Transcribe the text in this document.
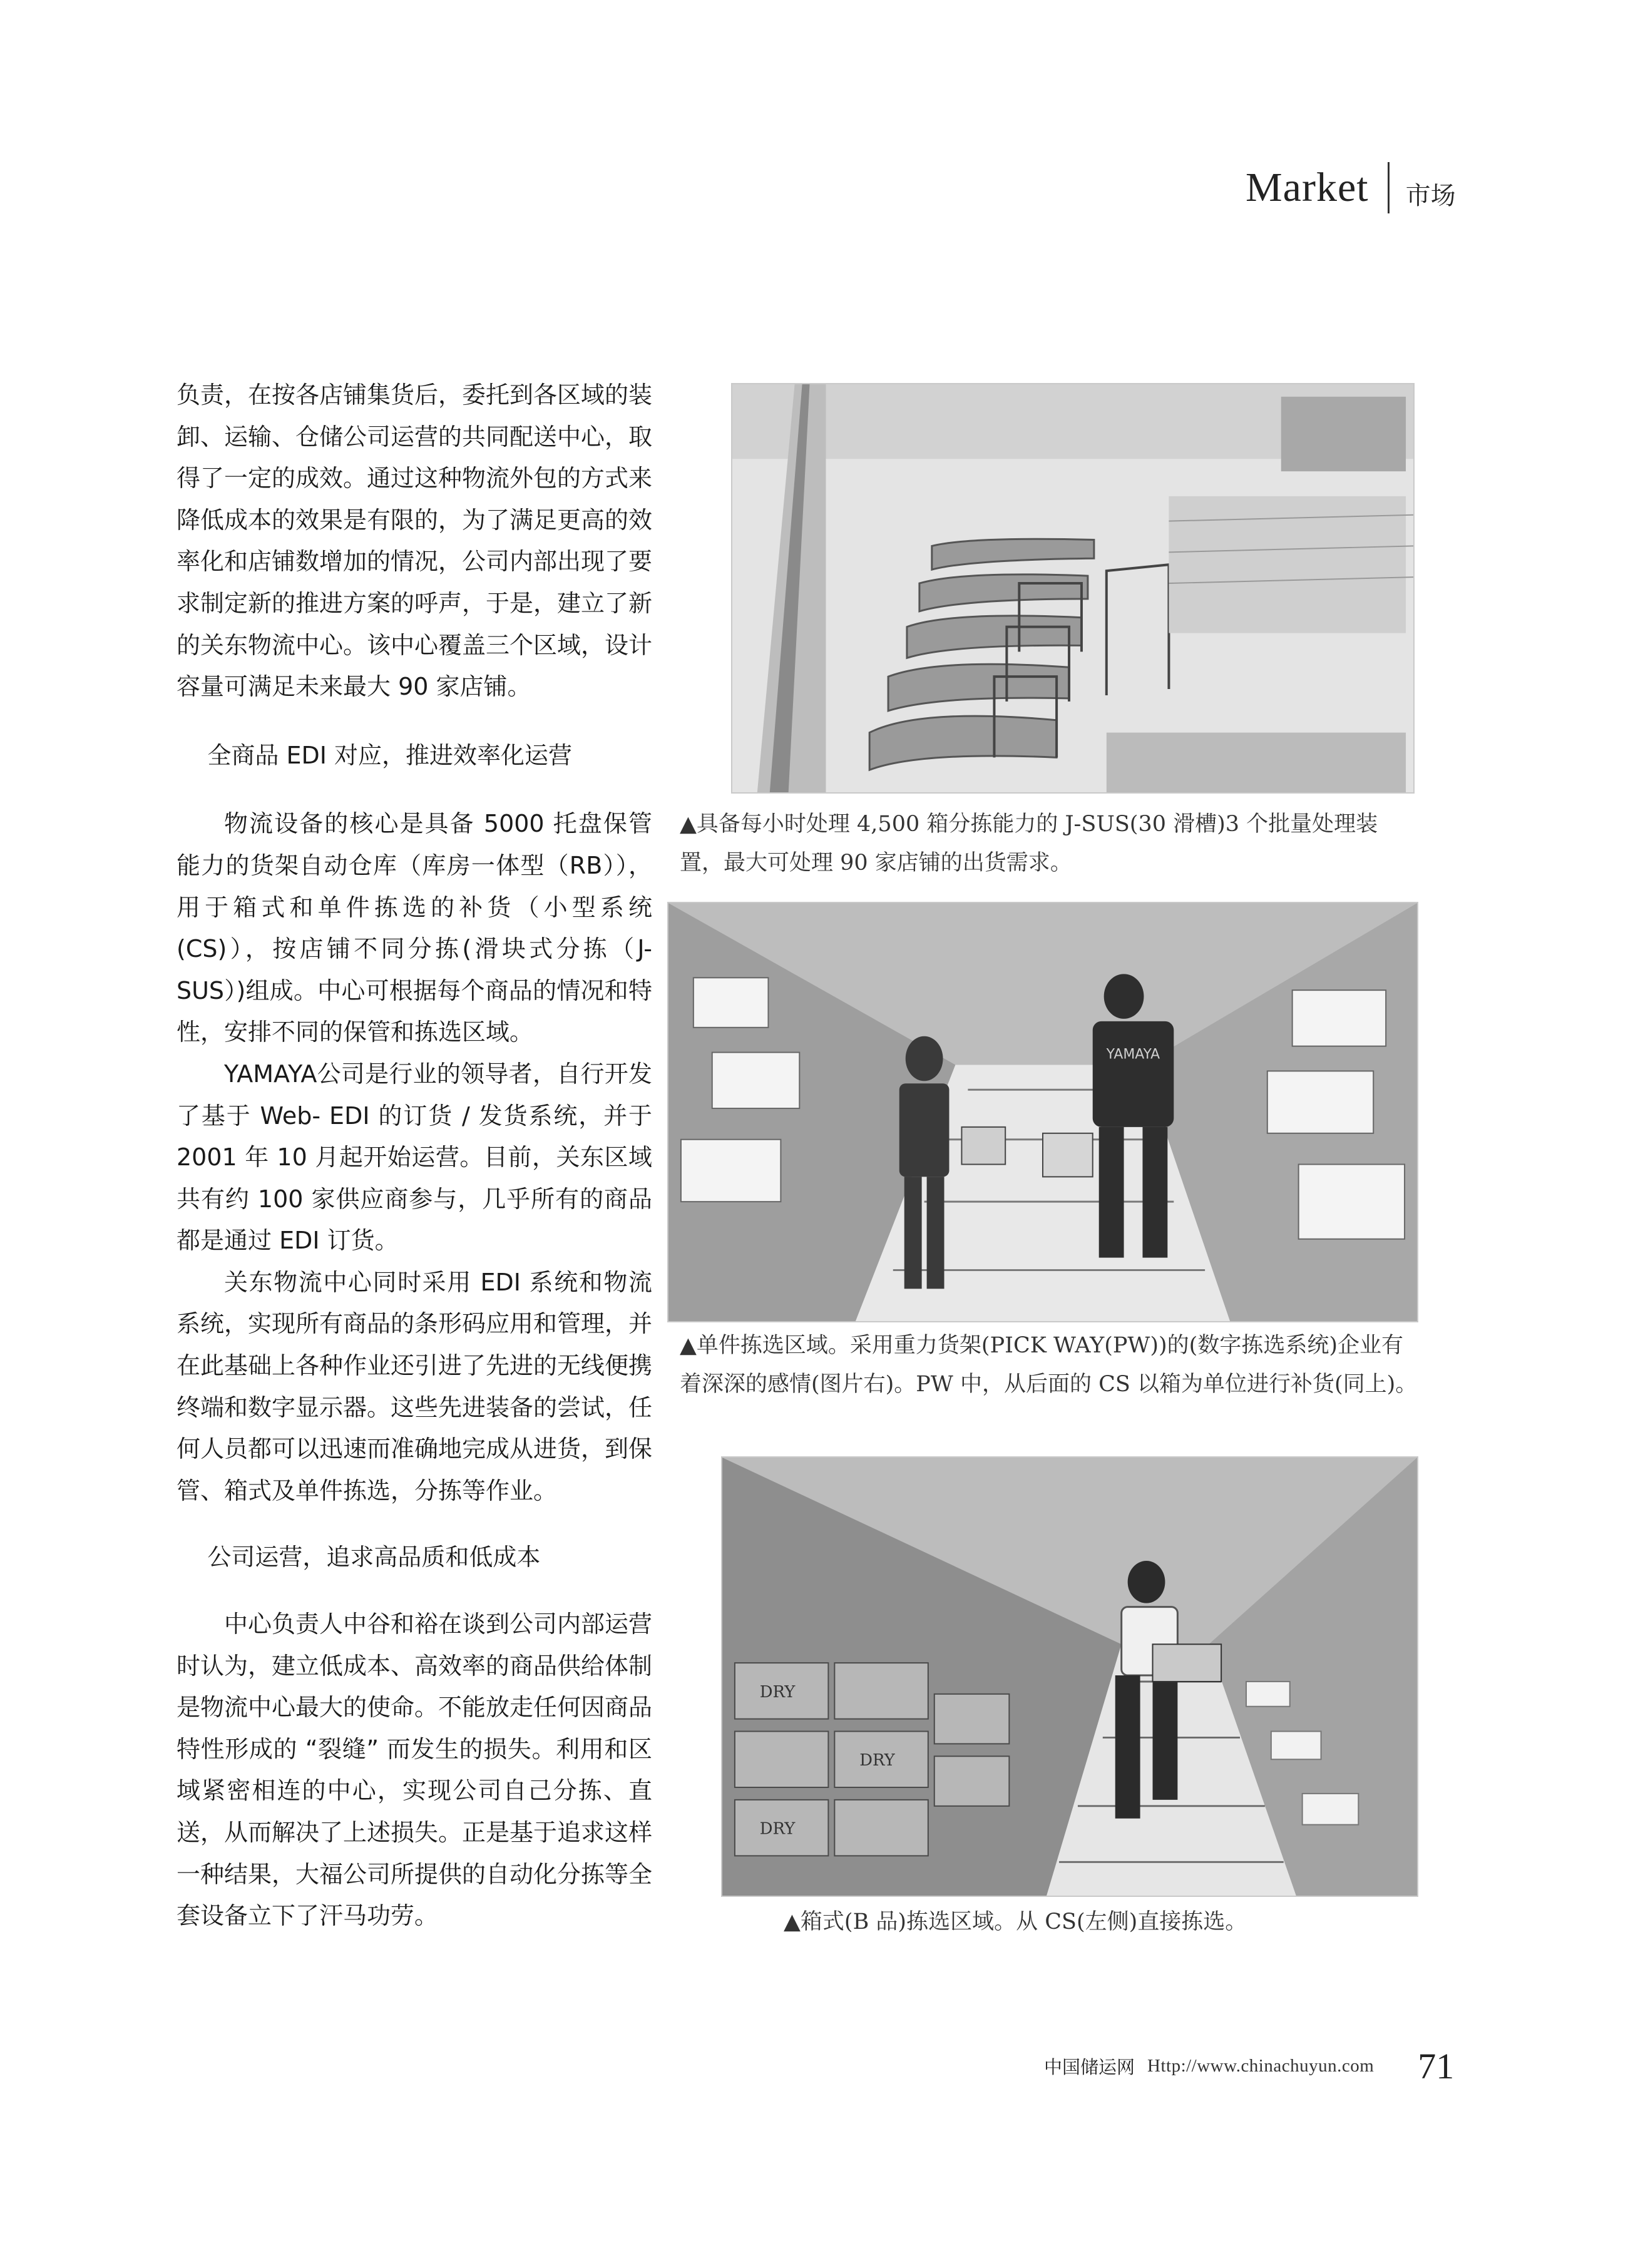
Market 市场

负责，在按各店铺集货后，委托到各区域的装卸、运输、仓储公司运营的共同配送中心，取得了一定的成效。通过这种物流外包的方式来降低成本的效果是有限的，为了满足更高的效率化和店铺数增加的情况，公司内部出现了要求制定新的推进方案的呼声，于是，建立了新的关东物流中心。该中心覆盖三个区域，设计容量可满足未来最大 90 家店铺。

全商品 EDI 对应，推进效率化运营

物流设备的核心是具备 5000 托盘保管能力的货架自动仓库（库房一体型（RB）），用于箱式和单件拣选的补货（小型系统(CS)），按店铺不同分拣(滑块式分拣（J- SUS）)组成。中心可根据每个商品的情况和特性，安排不同的保管和拣选区域。

YAMAYA公司是行业的领导者，自行开发了基于 Web- EDI 的订货 / 发货系统，并于 2001 年 10 月起开始运营。目前，关东区域共有约 100 家供应商参与，几乎所有的商品都是通过 EDI 订货。

关东物流中心同时采用 EDI 系统和物流系统，实现所有商品的条形码应用和管理，并在此基础上各种作业还引进了先进的无线便携终端和数字显示器。这些先进装备的尝试，任何人员都可以迅速而准确地完成从进货，到保管、箱式及单件拣选，分拣等作业。

公司运营，追求高品质和低成本

中心负责人中谷和裕在谈到公司内部运营时认为，建立低成本、高效率的商品供给体制是物流中心最大的使命。不能放走任何因商品特性形成的 “裂缝” 而发生的损失。利用和区域紧密相连的中心，实现公司自己分拣、直送，从而解决了上述损失。正是基于追求这样一种结果，大福公司所提供的自动化分拣等全套设备立下了汗马功劳。

▲具备每小时处理 4,500 箱分拣能力的 J-SUS(30 滑槽)3 个批量处理装置，最大可处理 90 家店铺的出货需求。
YAMAYA
▲单件拣选区域。采用重力货架(PICK WAY(PW))的(数字拣选系统)企业有着深深的感情(图片右)。PW 中，从后面的 CS 以箱为单位进行补货(同上)。
DRY
DRY
DRY
▲箱式(B 品)拣选区域。从 CS(左侧)直接拣选。
中国储运网 Http://www.chinachuyun.com 71
